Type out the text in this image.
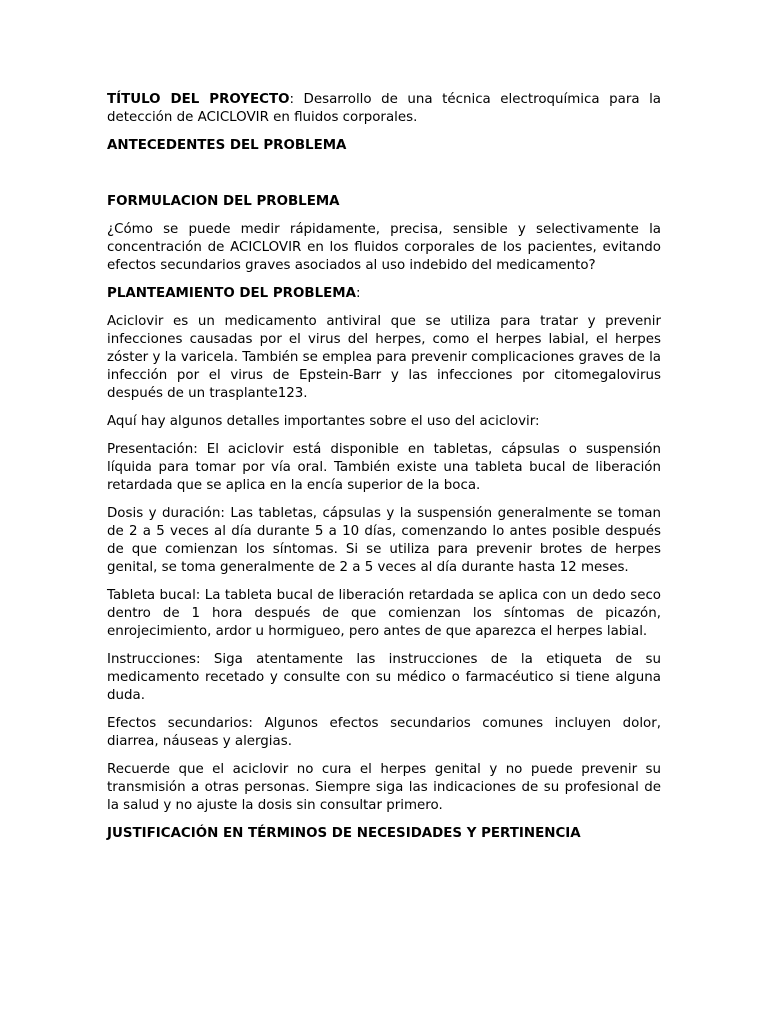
TÍTULO DEL PROYECTO: Desarrollo de una técnica electroquímica para la detección de ACICLOVIR en fluidos corporales.

ANTECEDENTES DEL PROBLEMA

FORMULACION DEL PROBLEMA

¿Cómo se puede medir rápidamente, precisa, sensible y selectivamente la concentración de ACICLOVIR en los fluidos corporales de los pacientes, evitando efectos secundarios graves asociados al uso indebido del medicamento?

PLANTEAMIENTO DEL PROBLEMA:

Aciclovir es un medicamento antiviral que se utiliza para tratar y prevenir infecciones causadas por el virus del herpes, como el herpes labial, el herpes zóster y la varicela. También se emplea para prevenir complicaciones graves de la infección por el virus de Epstein-Barr y las infecciones por citomegalovirus después de un trasplante123.

Aquí hay algunos detalles importantes sobre el uso del aciclovir:

Presentación: El aciclovir está disponible en tabletas, cápsulas o suspensión líquida para tomar por vía oral. También existe una tableta bucal de liberación retardada que se aplica en la encía superior de la boca.

Dosis y duración: Las tabletas, cápsulas y la suspensión generalmente se toman de 2 a 5 veces al día durante 5 a 10 días, comenzando lo antes posible después de que comienzan los síntomas. Si se utiliza para prevenir brotes de herpes genital, se toma generalmente de 2 a 5 veces al día durante hasta 12 meses.

Tableta bucal: La tableta bucal de liberación retardada se aplica con un dedo seco dentro de 1 hora después de que comienzan los síntomas de picazón, enrojecimiento, ardor u hormigueo, pero antes de que aparezca el herpes labial.

Instrucciones: Siga atentamente las instrucciones de la etiqueta de su medicamento recetado y consulte con su médico o farmacéutico si tiene alguna duda.

Efectos secundarios: Algunos efectos secundarios comunes incluyen dolor, diarrea, náuseas y alergias.

Recuerde que el aciclovir no cura el herpes genital y no puede prevenir su transmisión a otras personas. Siempre siga las indicaciones de su profesional de la salud y no ajuste la dosis sin consultar primero.

JUSTIFICACIÓN EN TÉRMINOS DE NECESIDADES Y PERTINENCIA
